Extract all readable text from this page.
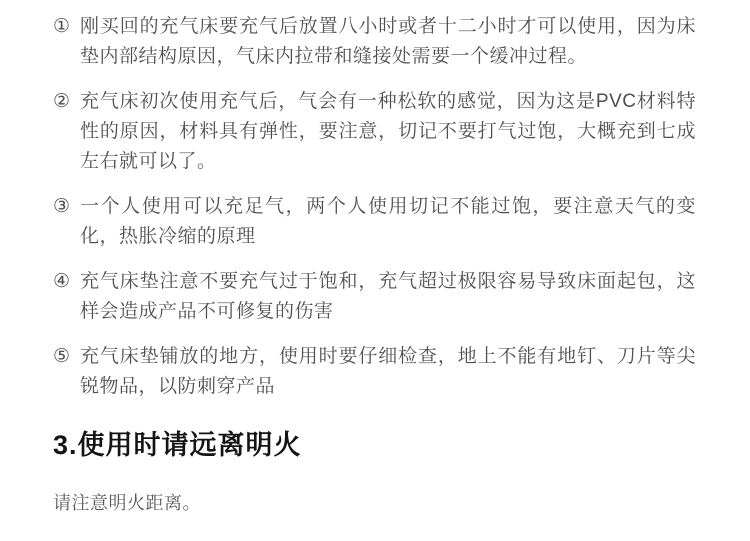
① 刚买回的充气床要充气后放置八小时或者十二小时才可以使用，因为床垫内部结构原因，气床内拉带和缝接处需要一个缓冲过程。
② 充气床初次使用充气后，气会有一种松软的感觉，因为这是PVC材料特性的原因，材料具有弹性，要注意，切记不要打气过饱，大概充到七成左右就可以了。
③ 一个人使用可以充足气，两个人使用切记不能过饱，要注意天气的变化，热胀冷缩的原理
④ 充气床垫注意不要充气过于饱和，充气超过极限容易导致床面起包，这样会造成产品不可修复的伤害
⑤ 充气床垫铺放的地方，使用时要仔细检查，地上不能有地钉、刀片等尖锐物品，以防刺穿产品
3.使用时请远离明火

请注意明火距离。
